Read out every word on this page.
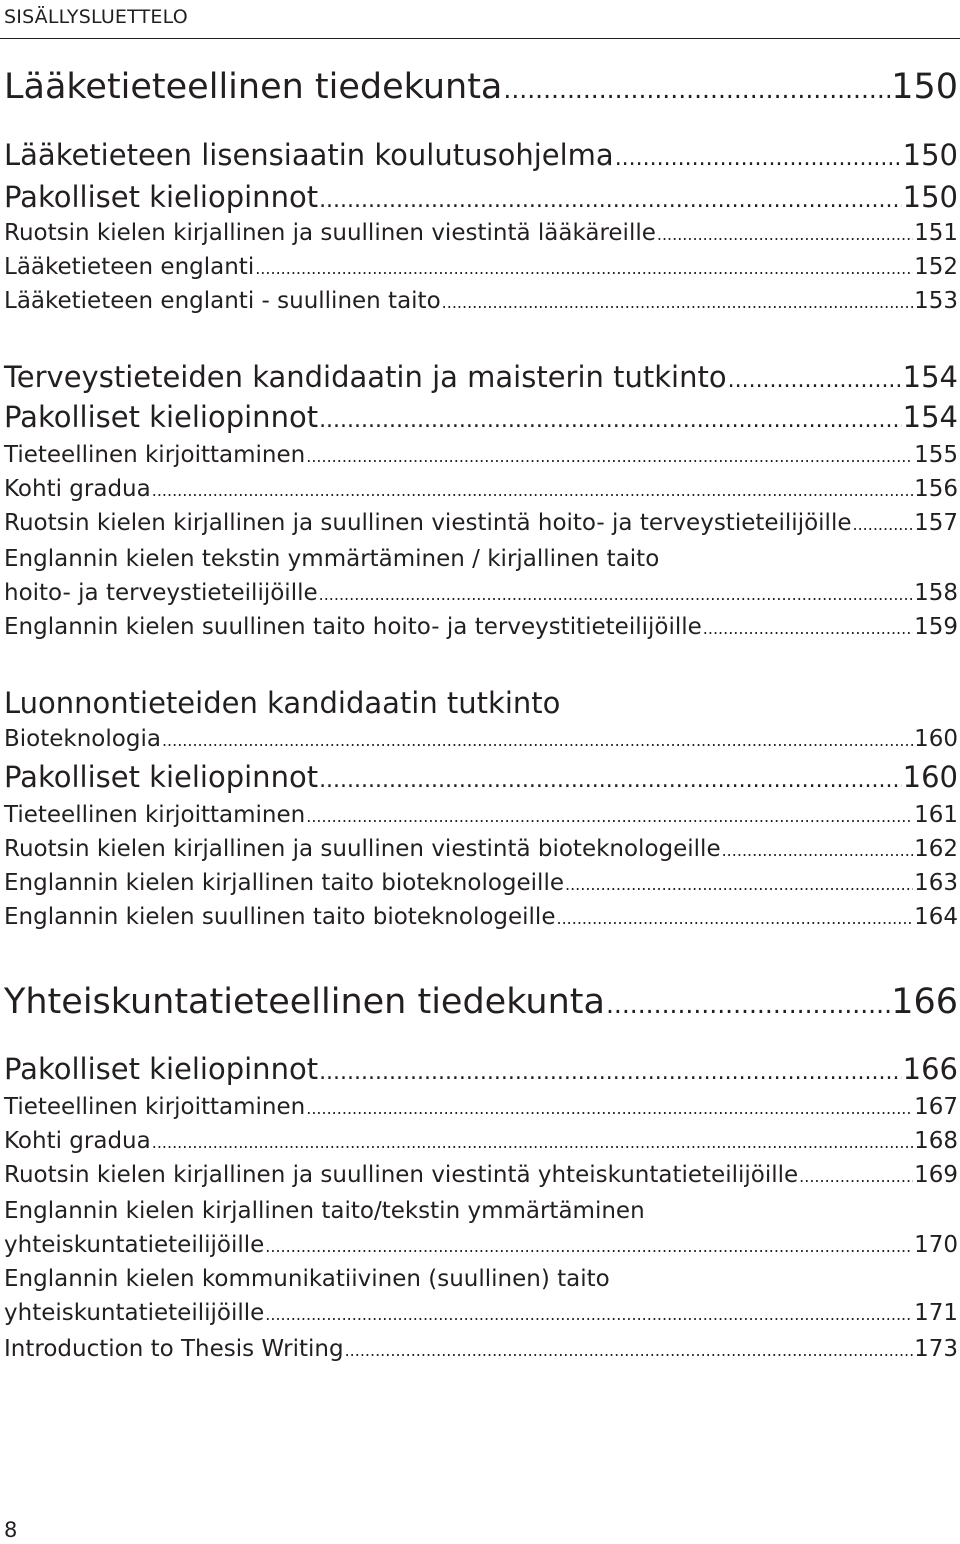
SISÄLLYSLUETTELO
Lääketieteellinen tiedekunta .....	150
Lääketieteen lisensiaatin koulutusohjelma .....	150
Pakolliset kieliopinnot .....	150
Ruotsin kielen kirjallinen ja suullinen viestintä lääkäreille .....	151
Lääketieteen englanti .....	152
Lääketieteen englanti - suullinen taito .....	153
Terveystieteiden kandidaatin ja maisterin tutkinto .....	154
Pakolliset kieliopinnot .....	154
Tieteellinen kirjoittaminen .....	155
Kohti gradua .....	156
Ruotsin kielen kirjallinen ja suullinen viestintä hoito- ja terveystieteilijöille .....	157
Englannin kielen tekstin ymmärtäminen / kirjallinen taito
hoito- ja terveystieteilijöille .....	158
Englannin kielen suullinen taito hoito- ja terveystitieteilijöille .....	159
Luonnontieteiden kandidaatin tutkinto
Bioteknologia .....	160
Pakolliset kieliopinnot .....	160
Tieteellinen kirjoittaminen .....	161
Ruotsin kielen kirjallinen ja suullinen viestintä bioteknologeille .....	162
Englannin kielen kirjallinen taito bioteknologeille .....	163
Englannin kielen suullinen taito bioteknologeille .....	164
Yhteiskuntatieteellinen tiedekunta .....	166
Pakolliset kieliopinnot .....	166
Tieteellinen kirjoittaminen .....	167
Kohti gradua .....	168
Ruotsin kielen kirjallinen ja suullinen viestintä yhteiskuntatieteilijöille .....	169
Englannin kielen kirjallinen taito/tekstin ymmärtäminen
yhteiskuntatieteilijöille .....	170
Englannin kielen kommunikatiivinen (suullinen) taito
yhteiskuntatieteilijöille .....	171
Introduction to Thesis Writing .....	173
8
